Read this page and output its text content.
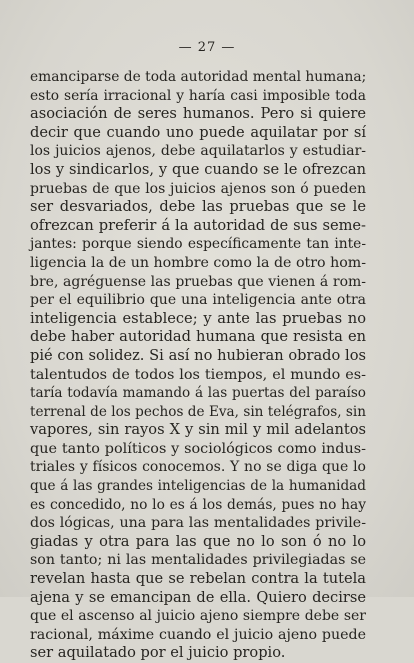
— 27 —
emanciparse de toda autoridad mental humana;
esto sería irracional y haría casi imposible toda
asociación de seres humanos. Pero si quiere
decir que cuando uno puede aquilatar por sí
los juicios ajenos, debe aquilatarlos y estudiar-
los y sindicarlos, y que cuando se le ofrezcan
pruebas de que los juicios ajenos son ó pueden
ser desvariados, debe las pruebas que se le
ofrezcan preferir á la autoridad de sus seme-
jantes: porque siendo específicamente tan inte-
ligencia la de un hombre como la de otro hom-
bre, agréguense las pruebas que vienen á rom-
per el equilibrio que una inteligencia ante otra
inteligencia establece; y ante las pruebas no
debe haber autoridad humana que resista en
pié con solidez. Si así no hubieran obrado los
talentudos de todos los tiempos, el mundo es-
taría todavía mamando á las puertas del paraíso
terrenal de los pechos de Eva, sin telégrafos, sin
vapores, sin rayos X y sin mil y mil adelantos
que tanto políticos y sociológicos como indus-
triales y físicos conocemos. Y no se diga que lo
que á las grandes inteligencias de la humanidad
es concedido, no lo es á los demás, pues no hay
dos lógicas, una para las mentalidades privile-
giadas y otra para las que no lo son ó no lo
son tanto; ni las mentalidades privilegiadas se
revelan hasta que se rebelan contra la tutela
ajena y se emancipan de ella. Quiero decirse
que el ascenso al juicio ajeno siempre debe ser
racional, máxime cuando el juicio ajeno puede
ser aquilatado por el juicio propio.
